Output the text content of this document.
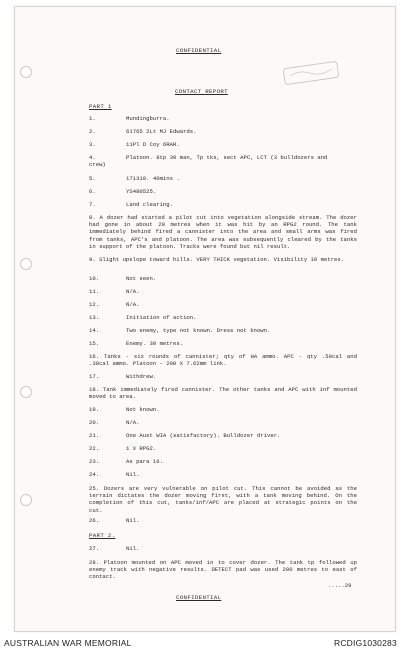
CONFIDENTIAL
CONTACT REPORT
PART 1
1.	Mundingburra.
2.	61765 2Lt MJ Edwards.
3.	11Pl D Coy 6RAR.
4.	Platoon. 8tp 30 man, Tp tks, sect APC, LCT (3 bulldozers and
crew)
5.	171310. 40mins .
6.	YS480525.
7.	Land clearing.
8. A dozer had started a pilot cut into vegetation alongside stream. The dozer had gone in about 20 metres when it was hit by an RPG2 round. The tank immediately behind fired a cannister into the area and small arms was fired from tanks, APC's and platoon. The area was subsequently cleared by the tanks in support of the platoon. Tracks were found but nil result.
9. Slight upslope toward hills. VERY THICK vegetation. Visibility 10 metres.
10.	Not seen.
11.	N/A.
12.	N/A.
13.	Initiation of action.
14.	Two enemy, type not known. Dress not known.
15.	Enemy. 30 metres.
16. Tanks - six rounds of cannister; qty of HA ammo. APC - qty .50cal and .30cal ammo. Platoon - 200 X 7.62mm link.
17.	Withdrew.
18. Tank immediately fired cannister. The other tanks and APC with inf mounted moved to area.
19.	Not known.
20.	N/A.
21.	One Aust WIA (satisfactory). Bulldozer driver.
22.	1 X RPG2.
23.	As para 16.
24.	Nil.
25. Dozers are very vulnerable on pilot cut. This cannot be avoided as the terrain dictates the dozer moving first, with a tank moving behind. On the completion of this cut, tanks/inf/APC are placed at strategic points on the cut.
26.	Nil.
PART 2.
27.	Nil.
28. Platoon mounted on APC moved in to cover dozer. The tank tp followed up enemy track with negative results. DETECT pad was used 200 metres to east of contact.
.....29
CONFIDENTIAL
AUSTRALIAN WAR MEMORIAL	RCDIG1030283
